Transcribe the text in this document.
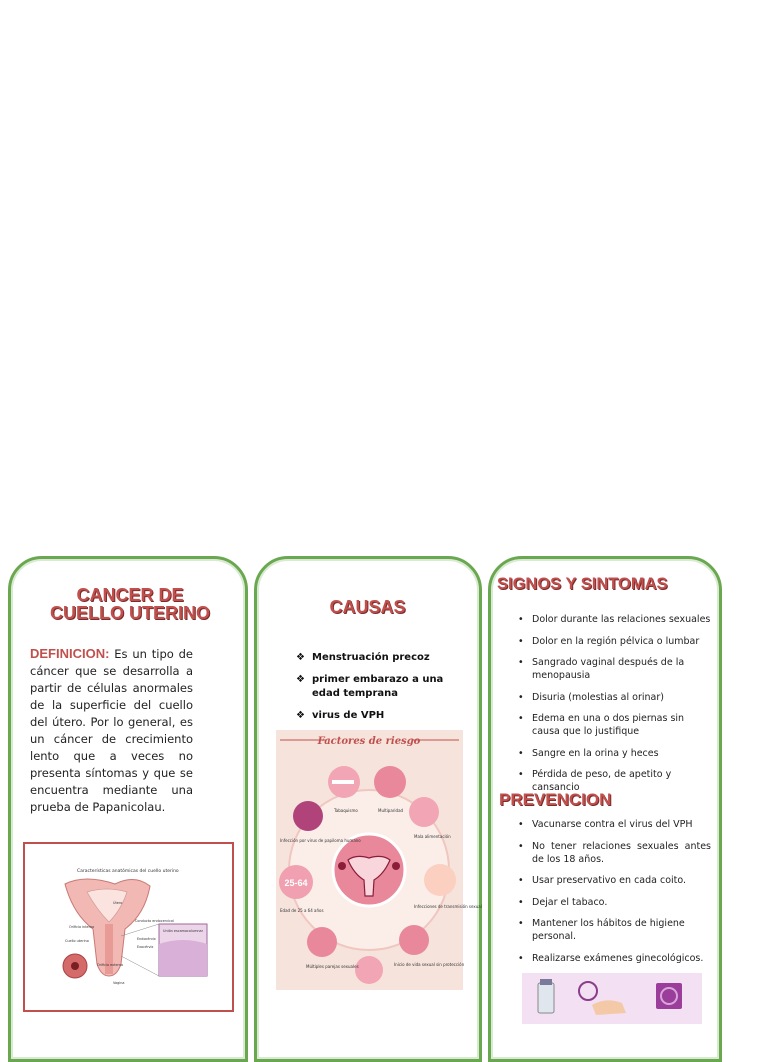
CANCER DE
CUELLO UTERINO
DEFINICION: Es un tipo de cáncer que se desarrolla a partir de células anormales de la superficie del cuello del útero. Por lo general, es un cáncer de crecimiento lento que a veces no presenta síntomas y que se encuentra mediante una prueba de Papanicolau.
Características anatómicas del cuello uterino
Útero
Orificio interno
Cuello uterino
Vagina
Orificio externo
Conducto endocervical
Unión escamocolumnar
Endocérvix
Exocérvix
CAUSAS
❖ Menstruación precoz
❖ primer embarazo a una edad temprana
❖ virus de VPH
Factores de riesgo
25-64
Tabaquismo	Multiparidad
Mala alimentación
Infecciones de transmisión sexual
Inicio de vida sexual sin protección
Múltiples parejas sexuales
Edad de 25 a 64 años
Infección por virus de papiloma humano
SIGNOS Y SINTOMAS
• Dolor durante las relaciones sexuales
• Dolor en la región pélvica o lumbar
• Sangrado vaginal después de la menopausia
• Disuria (molestias al orinar)
• Edema en una o dos piernas sin causa que lo justifique
• Sangre en la orina y heces
• Pérdida de peso, de apetito y cansancio
PREVENCION
• Vacunarse contra el virus del VPH
• No tener relaciones sexuales antes de los 18 años.
• Usar preservativo en cada coito.
• Dejar el tabaco.
• Mantener los hábitos de higiene personal.
• Realizarse exámenes ginecológicos.
